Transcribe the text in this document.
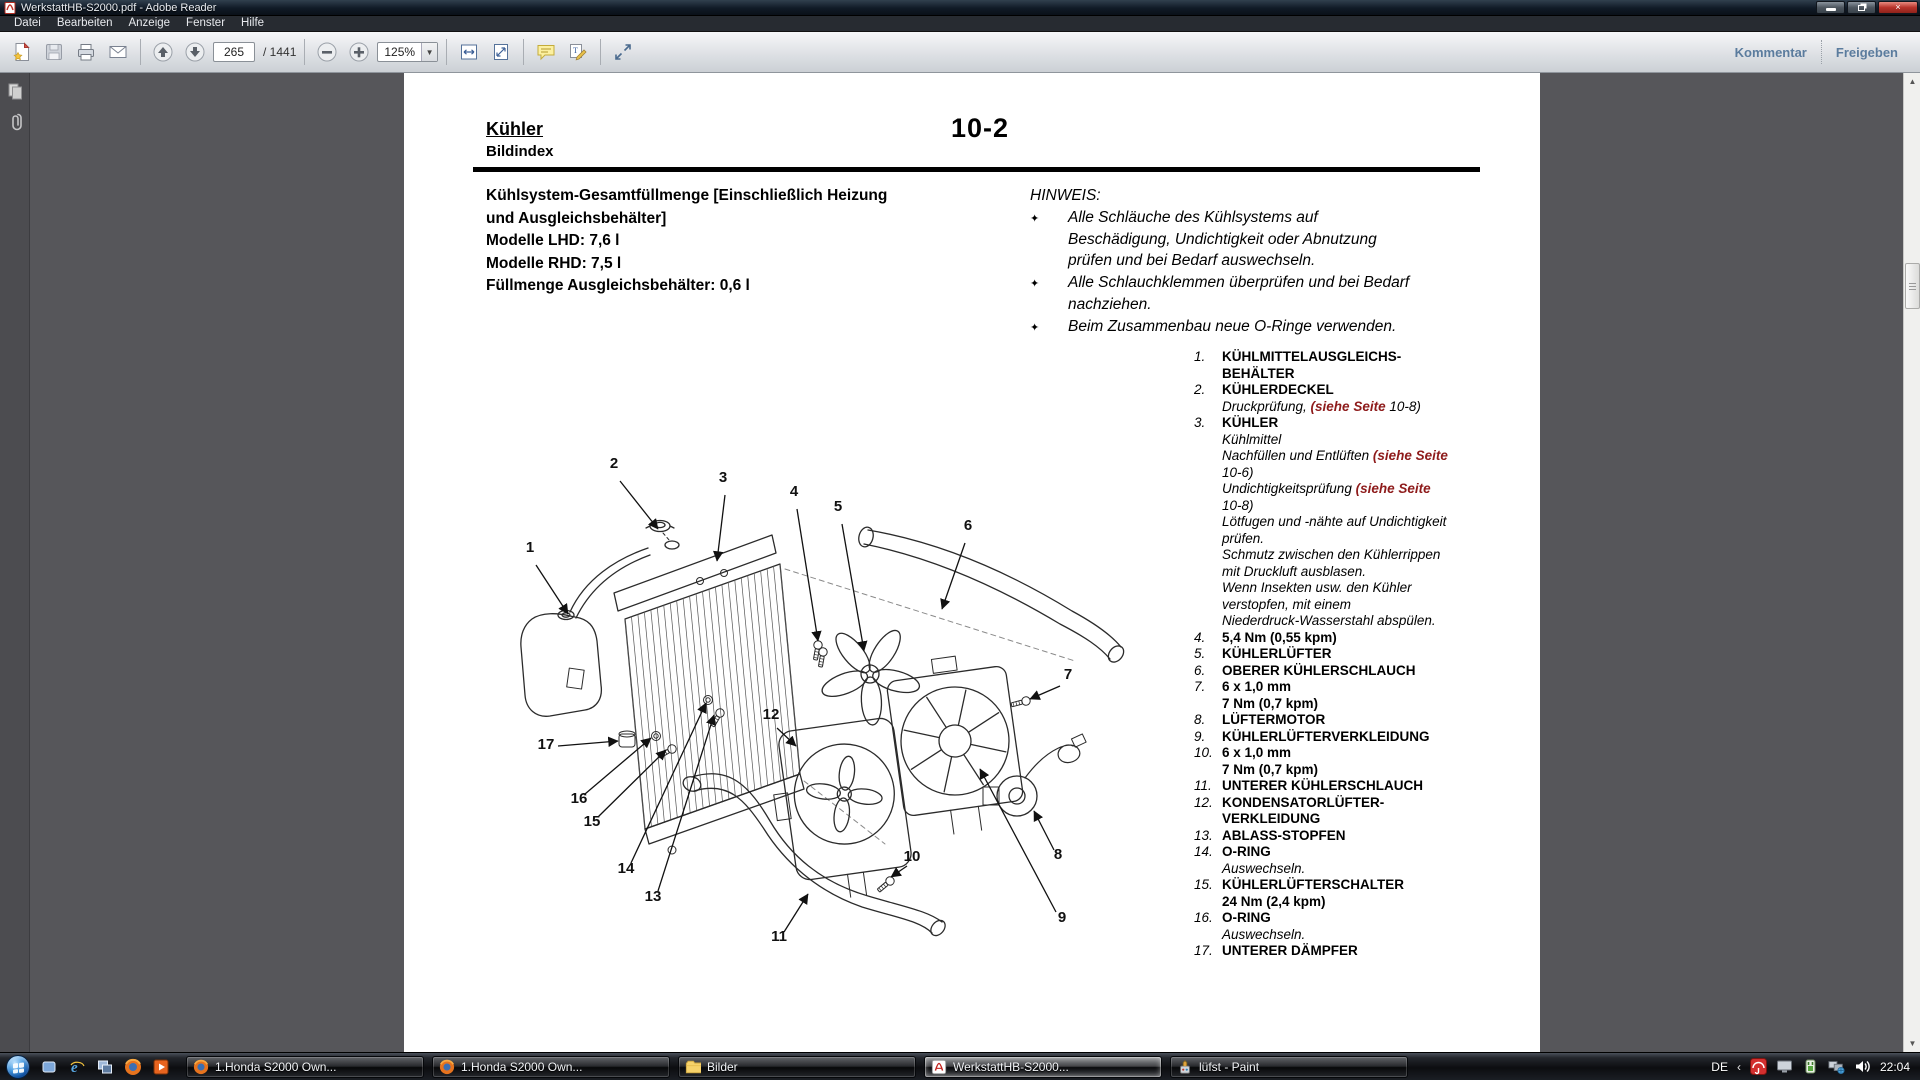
WerkstattHB-S2000.pdf - Adobe Reader	×
Datei	Bearbeiten	Anzeige	Fenster	Hilfe
265
/ 1441	125%	▼	T	Kommentar	Freigeben
Kühler
Bildindex
10-2
Kühlsystem-Gesamtfüllmenge [Einschließlich Heizung
und Ausgleichsbehälter]
Modelle LHD: 7,6 l
Modelle RHD: 7,5 l
Füllmenge Ausgleichsbehälter: 0,6 l
HINWEIS:
✦	Alle Schläuche des Kühlsystems auf
Beschädigung, Undichtigkeit oder Abnutzung
prüfen und bei Bedarf auswechseln.
✦	Alle Schlauchklemmen überprüfen und bei Bedarf
nachziehen.
✦	Beim Zusammenbau neue O-Ringe verwenden.
1.	KÜHLMITTELAUSGLEICHS-
BEHÄLTER
2.	KÜHLERDECKEL
Druckprüfung, (siehe Seite 10-8)
3.	KÜHLER
Kühlmittel
Nachfüllen und Entlüften (siehe Seite
10-6)
Undichtigkeitsprüfung (siehe Seite
10-8)
Lötfugen und -nähte auf Undichtigkeit
prüfen.
Schmutz zwischen den Kühlerrippen
mit Druckluft ausblasen.
Wenn Insekten usw. den Kühler
verstopfen, mit einem
Niederdruck-Wasserstahl abspülen.
4.	5,4 Nm (0,55 kpm)
5.	KÜHLERLÜFTER
6.	OBERER KÜHLERSCHLAUCH
7.	6 x 1,0 mm
7 Nm (0,7 kpm)
8.	LÜFTERMOTOR
9.	KÜHLERLÜFTERVERKLEIDUNG
10. 6 x 1,0 mm
7 Nm (0,7 kpm)
11. UNTERER KÜHLERSCHLAUCH
12. KONDENSATORLÜFTER-
VERKLEIDUNG
13. ABLASS-STOPFEN
14. O-RING
Auswechseln.
15. KÜHLERLÜFTERSCHALTER
24 Nm (2,4 kpm)
16. O-RING
Auswechseln.
17. UNTERER DÄMPFER
1
2
3
4
5
6
7
8
9
10
11
12
13
14
15
16
17
▲
▼
e	1.Honda S2000 Own...	1.Honda S2000 Own...	Bilder	WerkstattHB-S2000...	lüfst - Paint	DE ‹	22:04
